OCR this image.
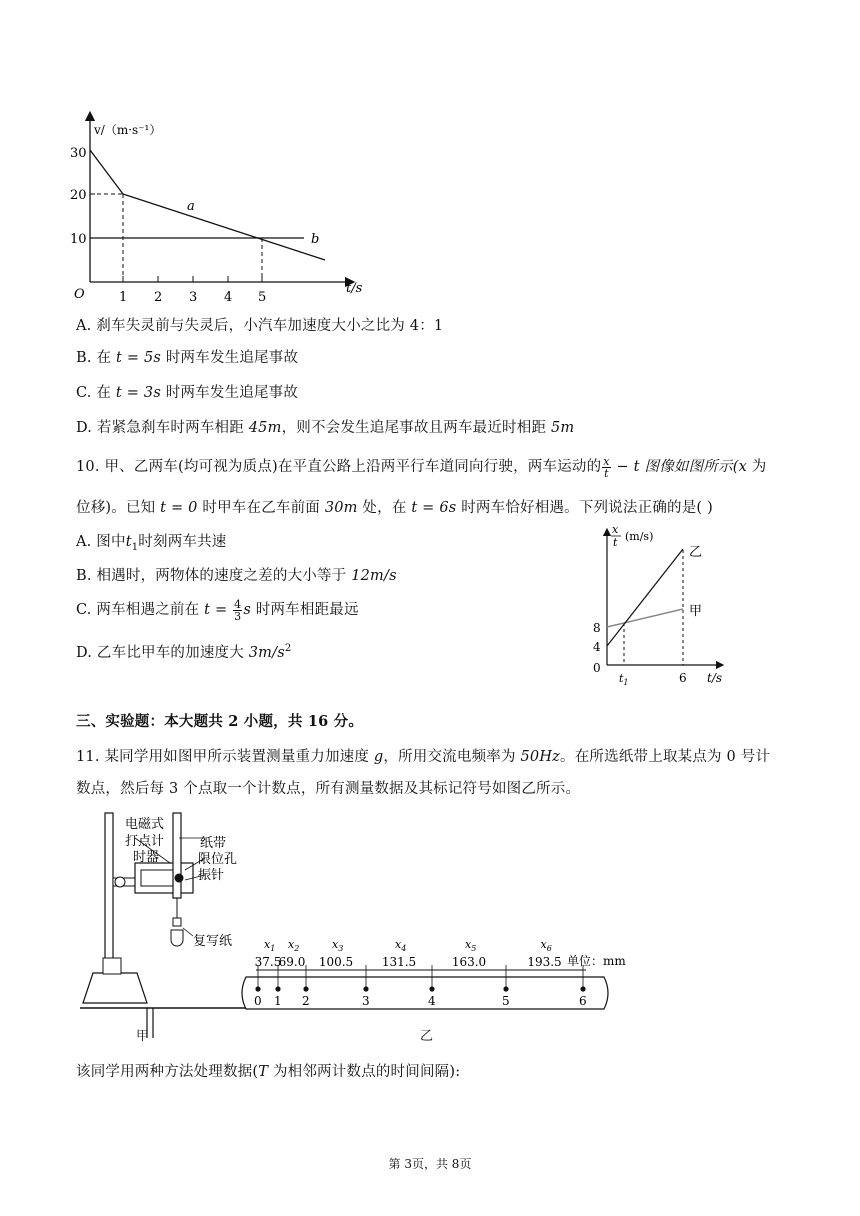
v/（m·s⁻¹）
t/s
O
30
20
10
1 2 3 4 5
a
b
A. 刹车失灵前与失灵后，小汽车加速度大小之比为 4：1
B. 在 t = 5s 时两车发生追尾事故
C. 在 t = 3s 时两车发生追尾事故
D. 若紧急刹车时两车相距 45m，则不会发生追尾事故且两车最近时相距 5m
10. 甲、乙两车(均可视为质点)在平直公路上沿两平行车道同向行驶，两车运动的 $\frac{x}{t} - t$ 图像如图所示(x 为
位移)。已知 t = 0 时甲车在乙车前面 30m 处，在 t = 6s 时两车恰好相遇。下列说法正确的是( )
A. 图中$t_1$时刻两车共速
B. 相遇时，两物体的速度之差的大小等于 12m/s
C. 两车相遇之前在 $t = \frac{4}{3}$ s 时两车相距最远
D. 乙车比甲车的加速度大 $3m/s^2$
x
t (m/s)
0
8
4
$t_1$	6 t/s
乙
甲
三、实验题：本大题共 2 小题，共 16 分。
11. 某同学用如图甲所示装置测量重力加速度 g，所用交流电频率为 50Hz。在所选纸带上取某点为 0 号计
数点，然后每 3 个点取一个计数点，所有测量数据及其标记符号如图乙所示。
电磁式
打点计
时器
纸带
限位孔
振针
复写纸
甲
0 1 2	3	4	5	6
$x_1$
37.5
$x_2$
69.0
$x_3$
100.5
$x_4$
131.5
$x_5$
163.0
$x_6$
193.5 单位：mm
乙
该同学用两种方法处理数据(T 为相邻两计数点的时间间隔):
第 3页，共 8页
